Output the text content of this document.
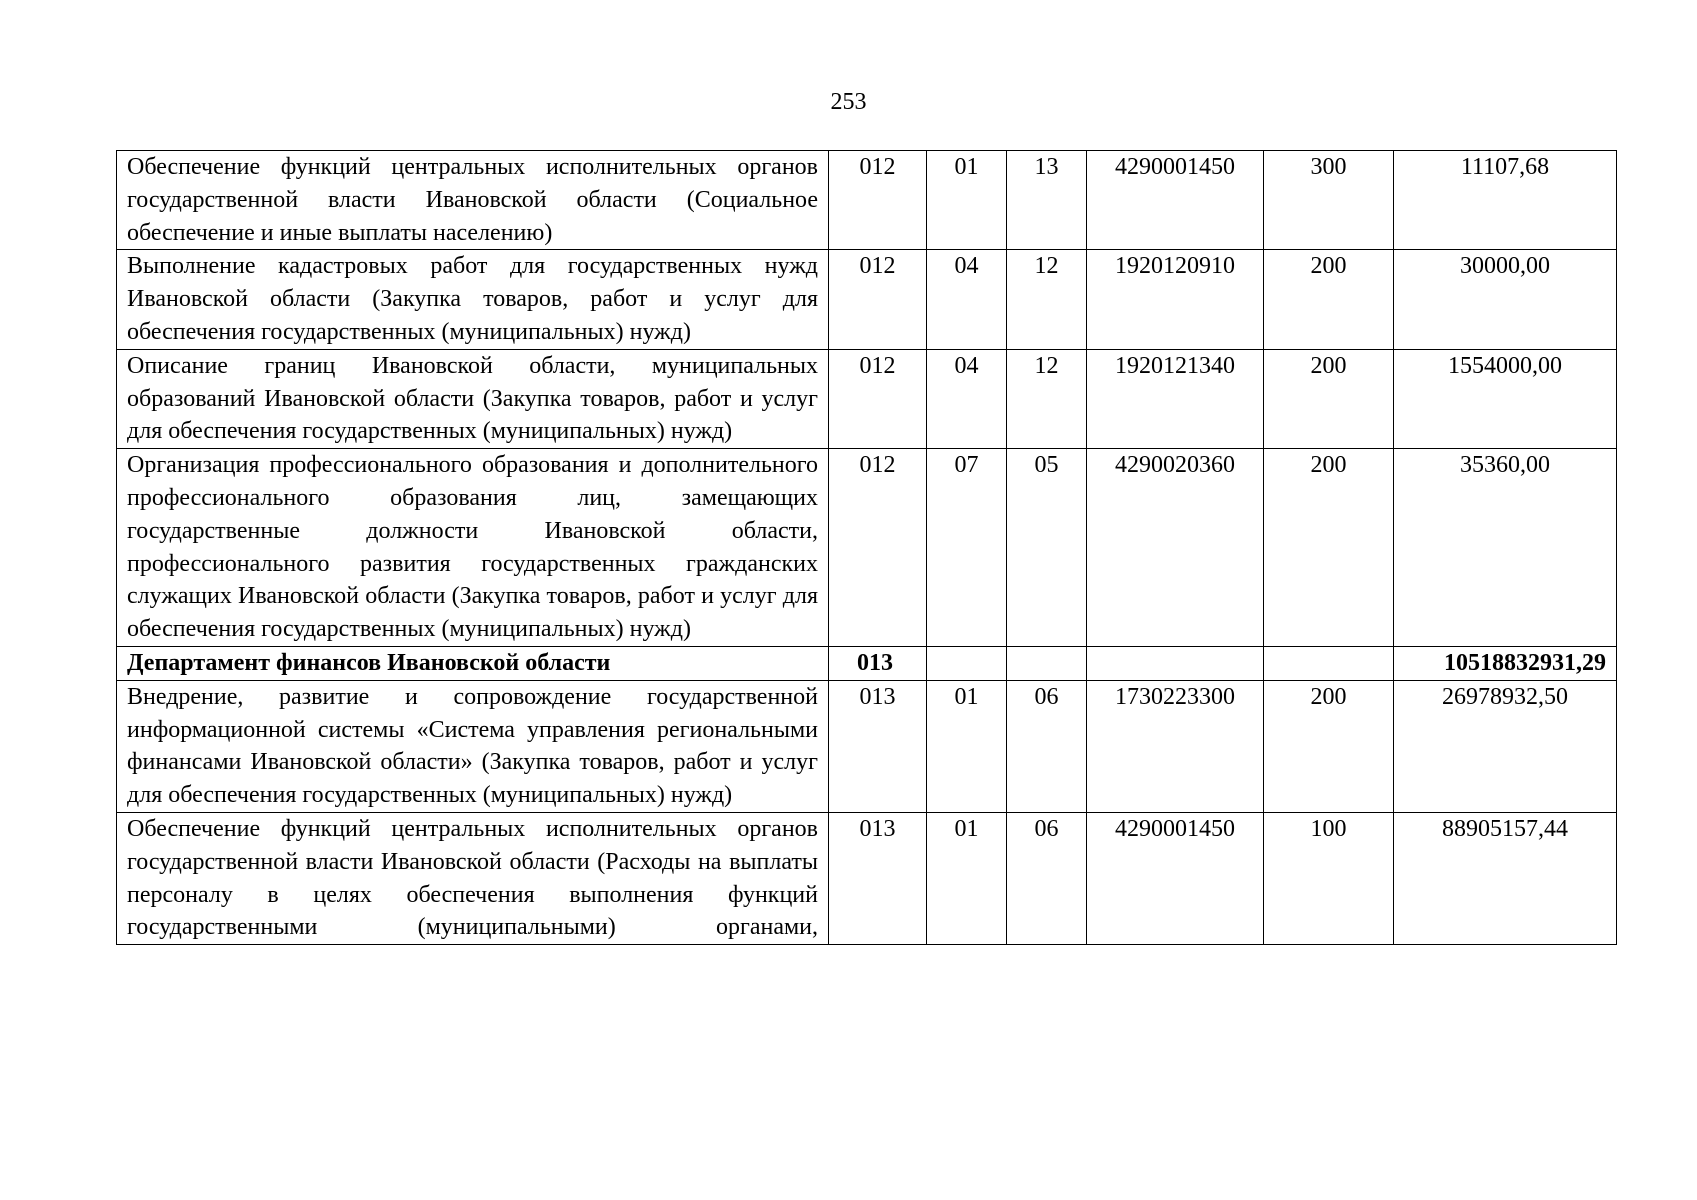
253
Обеспечение функций центральных исполнительных органов государственной власти Ивановской области (Социальное обеспечение и иные выплаты населению)	012	01	13	4290001450	300	11107,68
Выполнение кадастровых работ для государственных нужд Ивановской области (Закупка товаров, работ и услуг для обеспечения государственных (муниципальных) нужд)	012	04	12	1920120910	200	30000,00
Описание границ Ивановской области, муниципальных образований Ивановской области (Закупка товаров, работ и услуг для обеспечения государственных (муниципальных) нужд)	012	04	12	1920121340	200	1554000,00
Организация профессионального образования и дополнительного профессионального образования лиц, замещающих государственные должности Ивановской области, профессионального развития государственных гражданских служащих Ивановской области (Закупка товаров, работ и услуг для обеспечения государственных (муниципальных) нужд)	012	07	05	4290020360	200	35360,00
Департамент финансов Ивановской области	013					10518832931,29
Внедрение, развитие и сопровождение государственной информационной системы «Система управления региональными финансами Ивановской области» (Закупка товаров, работ и услуг для обеспечения государственных (муниципальных) нужд)	013	01	06	1730223300	200	26978932,50
Обеспечение функций центральных исполнительных органов государственной власти Ивановской области (Расходы на выплаты персоналу в целях обеспечения выполнения функций государственными (муниципальными) органами,	013	01	06	4290001450	100	88905157,44
